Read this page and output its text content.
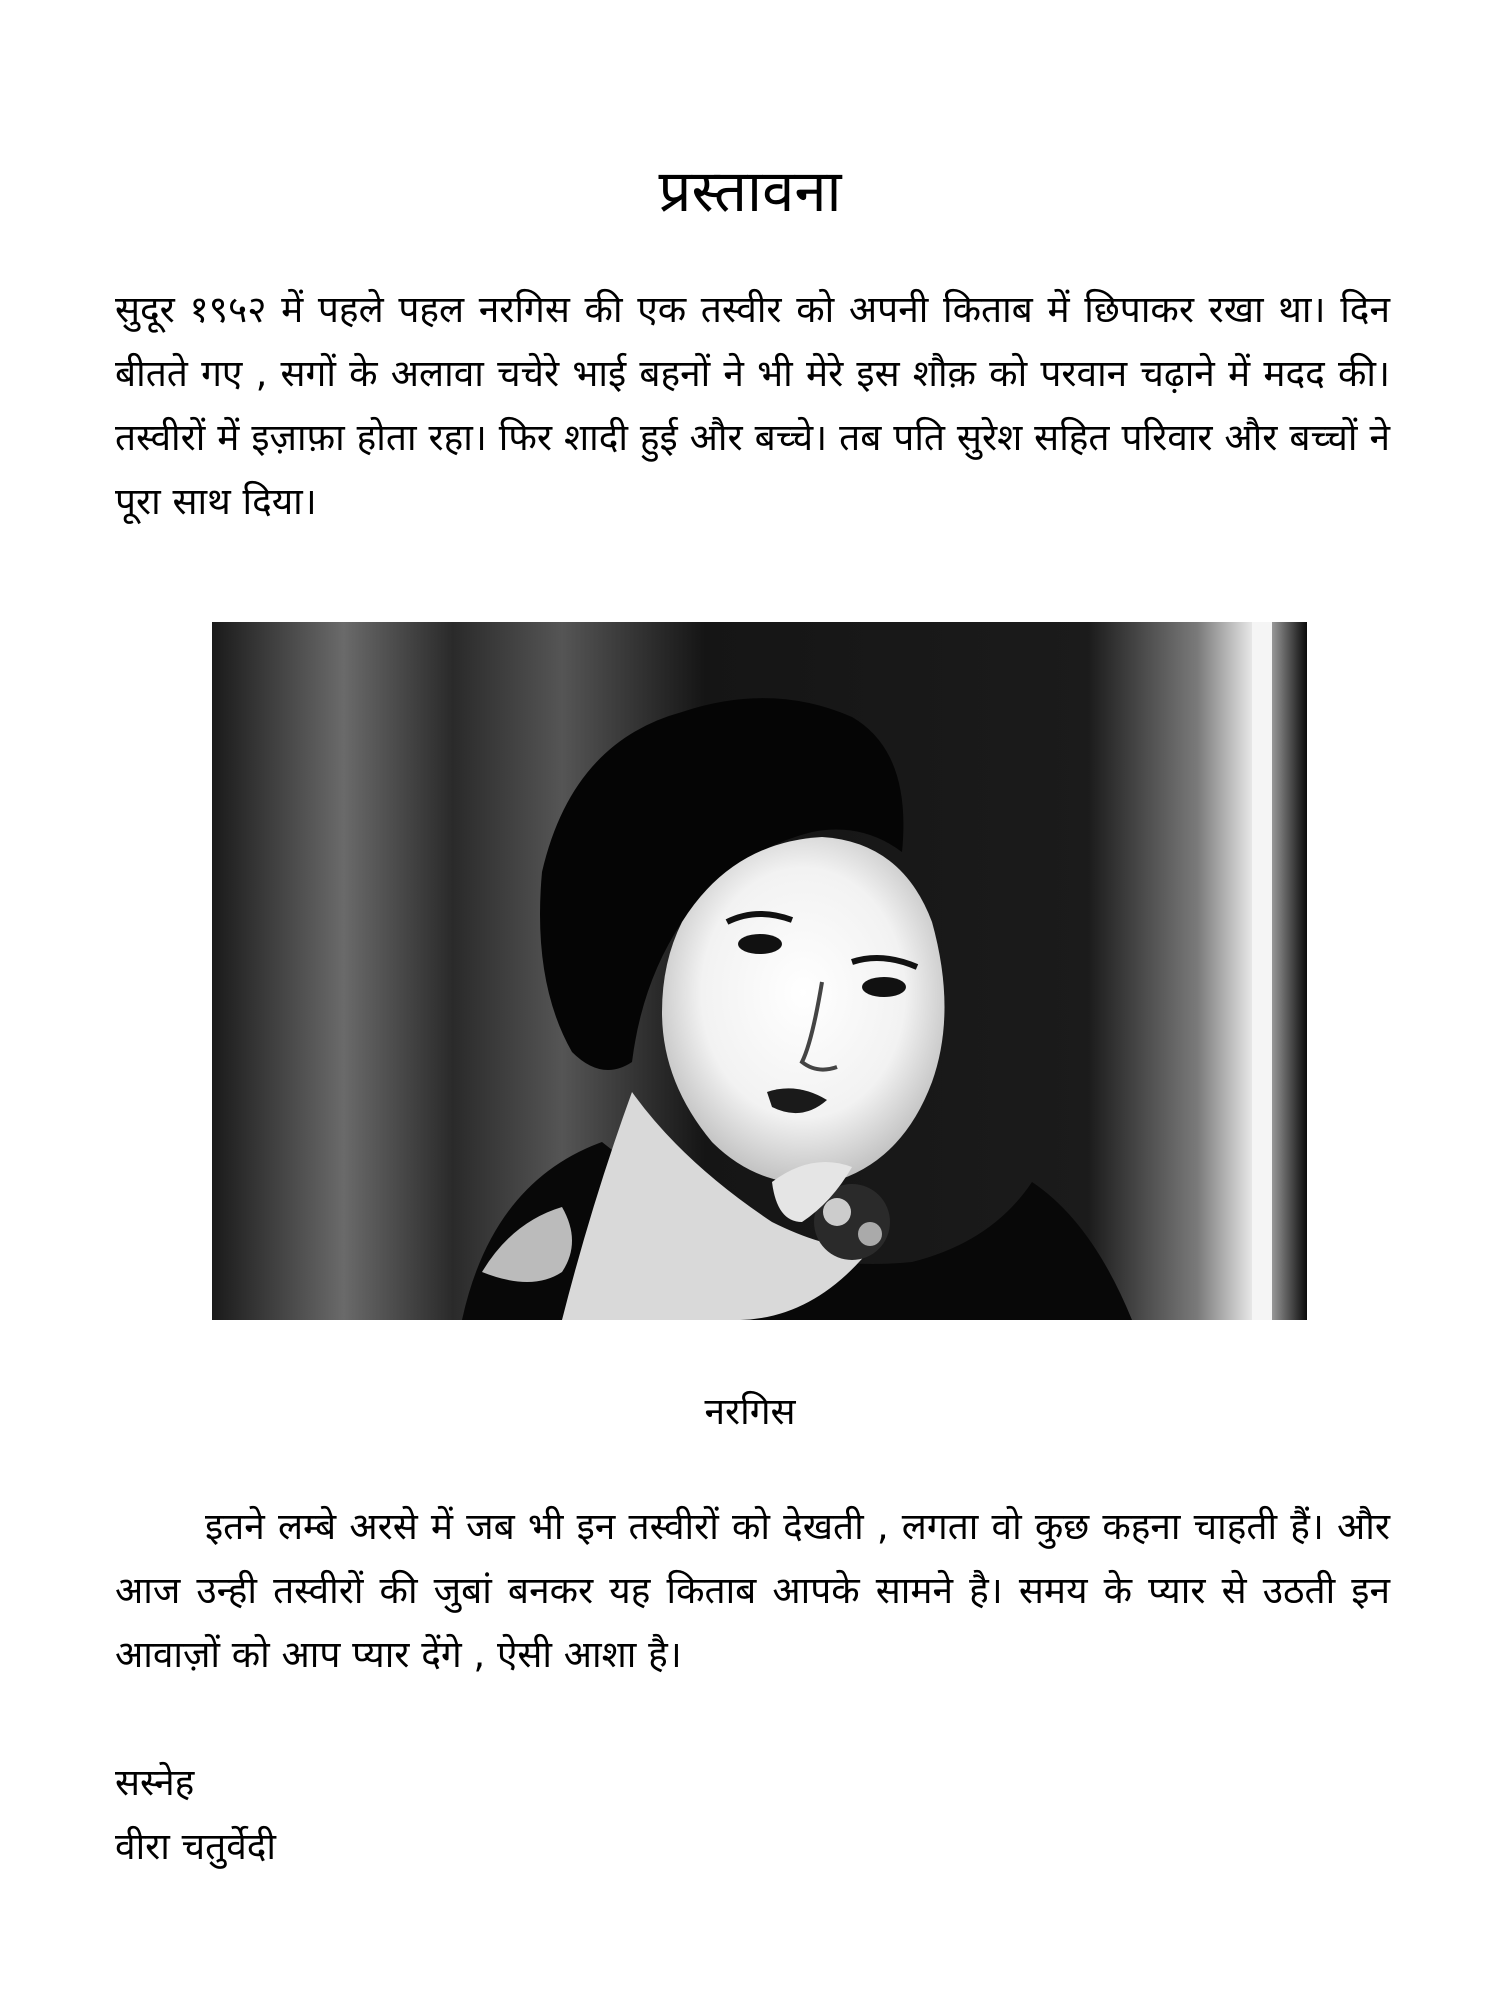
प्रस्तावना

सुदूर १९५२ में पहले पहल नरगिस की एक तस्वीर को अपनी किताब में छिपाकर रखा था। दिन बीतते गए , सगों के अलावा चचेरे भाई बहनों ने भी मेरे इस शौक़ को परवान चढ़ाने में मदद की। तस्वीरों में इज़ाफ़ा होता रहा। फिर शादी हुई और बच्चे। तब पति सुरेश सहित परिवार और बच्चों ने पूरा साथ दिया।

नरगिस

इतने लम्बे अरसे में जब भी इन तस्वीरों को देखती , लगता वो कुछ कहना चाहती हैं। और आज उन्ही तस्वीरों की जुबां बनकर यह किताब आपके सामने है। समय के प्यार से उठती इन आवाज़ों को आप प्यार देंगे , ऐसी आशा है।

सस्नेह
वीरा चतुर्वेदी
